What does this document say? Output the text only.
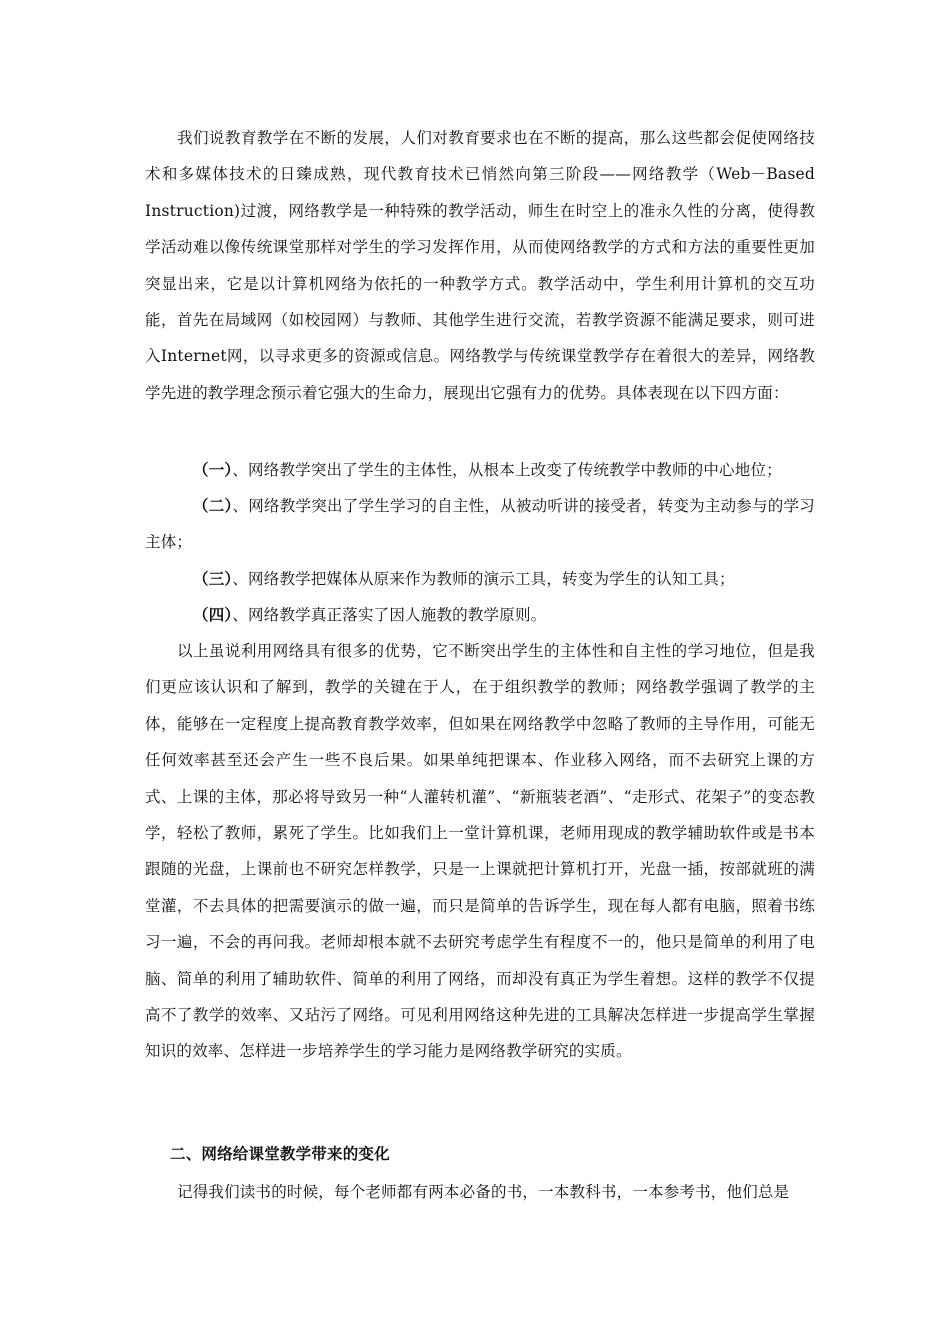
我们说教育教学在不断的发展，人们对教育要求也在不断的提高，那么这些都会促使网络技术和多媒体技术的日臻成熟，现代教育技术已悄然向第三阶段——网络教学（Web－Based Instruction)过渡，网络教学是一种特殊的教学活动，师生在时空上的准永久性的分离，使得教学活动难以像传统课堂那样对学生的学习发挥作用，从而使网络教学的方式和方法的重要性更加突显出来，它是以计算机网络为依托的一种教学方式。教学活动中，学生利用计算机的交互功能，首先在局域网（如校园网）与教师、其他学生进行交流，若教学资源不能满足要求，则可进入Internet网，以寻求更多的资源或信息。网络教学与传统课堂教学存在着很大的差异，网络教学先进的教学理念预示着它强大的生命力，展现出它强有力的优势。具体表现在以下四方面：

（一）、网络教学突出了学生的主体性，从根本上改变了传统教学中教师的中心地位；

（二）、网络教学突出了学生学习的自主性，从被动听讲的接受者，转变为主动参与的学习主体；

（三）、网络教学把媒体从原来作为教师的演示工具，转变为学生的认知工具；

（四）、网络教学真正落实了因人施教的教学原则。

以上虽说利用网络具有很多的优势，它不断突出学生的主体性和自主性的学习地位，但是我们更应该认识和了解到，教学的关键在于人，在于组织教学的教师；网络教学强调了教学的主体，能够在一定程度上提高教育教学效率，但如果在网络教学中忽略了教师的主导作用，可能无任何效率甚至还会产生一些不良后果。如果单纯把课本、作业移入网络，而不去研究上课的方式、上课的主体，那必将导致另一种“人灌转机灌”、“新瓶装老酒”、“走形式、花架子”的变态教学，轻松了教师，累死了学生。比如我们上一堂计算机课，老师用现成的教学辅助软件或是书本跟随的光盘，上课前也不研究怎样教学，只是一上课就把计算机打开，光盘一插，按部就班的满堂灌，不去具体的把需要演示的做一遍，而只是简单的告诉学生，现在每人都有电脑，照着书练习一遍，不会的再问我。老师却根本就不去研究考虑学生有程度不一的，他只是简单的利用了电脑、简单的利用了辅助软件、简单的利用了网络，而却没有真正为学生着想。这样的教学不仅提高不了教学的效率、又玷污了网络。可见利用网络这种先进的工具解决怎样进一步提高学生掌握知识的效率、怎样进一步培养学生的学习能力是网络教学研究的实质。

二、网络给课堂教学带来的变化

记得我们读书的时候，每个老师都有两本必备的书，一本教科书，一本参考书，他们总是
